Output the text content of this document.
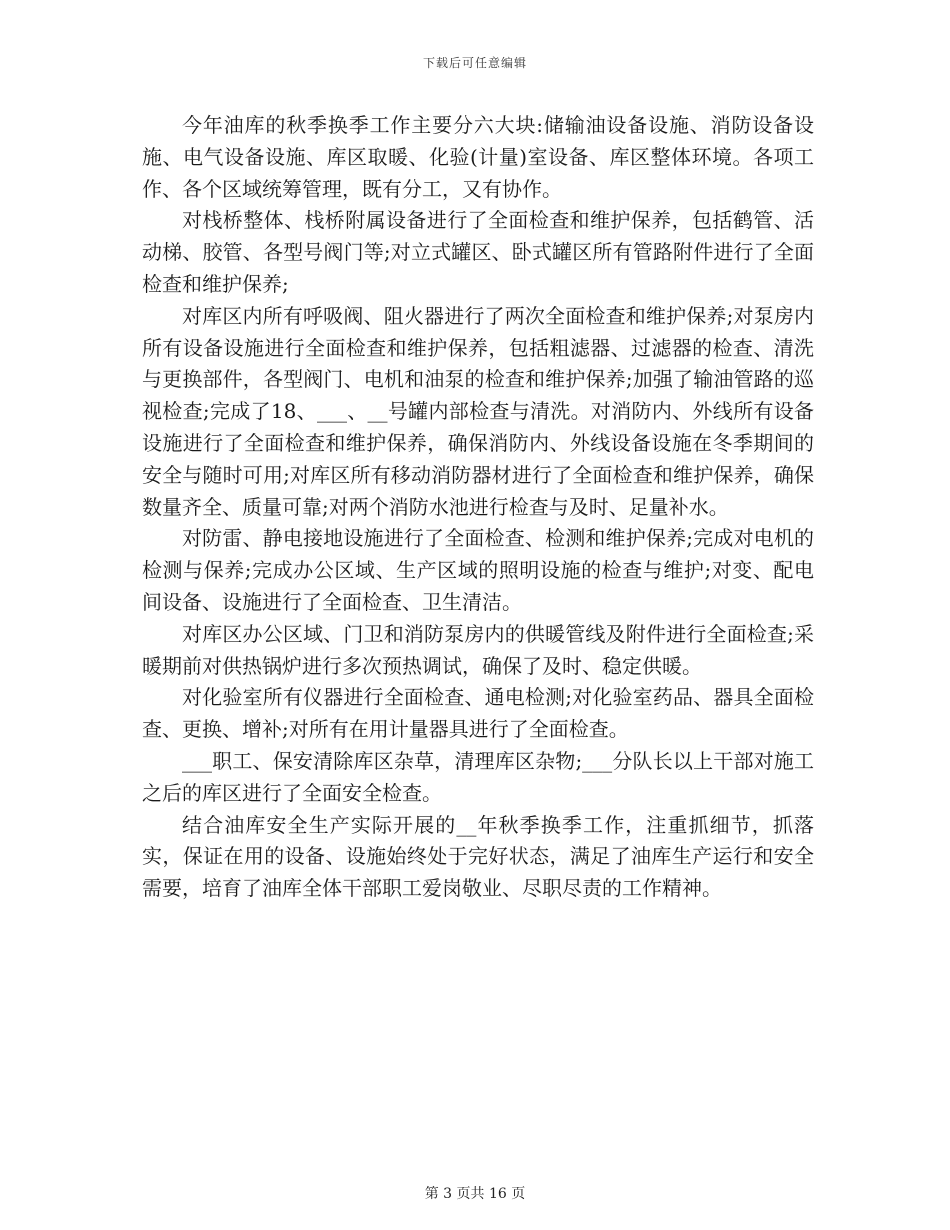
下载后可任意编辑

今年油库的秋季换季工作主要分六大块:储输油设备设施、消防设备设施、电气设备设施、库区取暖、化验(计量)室设备、库区整体环境。各项工作、各个区域统筹管理，既有分工，又有协作。

对栈桥整体、栈桥附属设备进行了全面检查和维护保养，包括鹤管、活动梯、胶管、各型号阀门等;对立式罐区、卧式罐区所有管路附件进行了全面检查和维护保养;

对库区内所有呼吸阀、阻火器进行了两次全面检查和维护保养;对泵房内所有设备设施进行全面检查和维护保养，包括粗滤器、过滤器的检查、清洗与更换部件，各型阀门、电机和油泵的检查和维护保养;加强了输油管路的巡视检查;完成了18、___、__号罐内部检查与清洗。对消防内、外线所有设备设施进行了全面检查和维护保养，确保消防内、外线设备设施在冬季期间的安全与随时可用;对库区所有移动消防器材进行了全面检查和维护保养，确保数量齐全、质量可靠;对两个消防水池进行检查与及时、足量补水。

对防雷、静电接地设施进行了全面检查、检测和维护保养;完成对电机的检测与保养;完成办公区域、生产区域的照明设施的检查与维护;对变、配电间设备、设施进行了全面检查、卫生清洁。

对库区办公区域、门卫和消防泵房内的供暖管线及附件进行全面检查;采暖期前对供热锅炉进行多次预热调试，确保了及时、稳定供暖。

对化验室所有仪器进行全面检查、通电检测;对化验室药品、器具全面检查、更换、增补;对所有在用计量器具进行了全面检查。

___职工、保安清除库区杂草，清理库区杂物;___分队长以上干部对施工之后的库区进行了全面安全检查。

结合油库安全生产实际开展的__年秋季换季工作，注重抓细节，抓落实，保证在用的设备、设施始终处于完好状态，满足了油库生产运行和安全需要，培育了油库全体干部职工爱岗敬业、尽职尽责的工作精神。

第 3 页共 16 页
